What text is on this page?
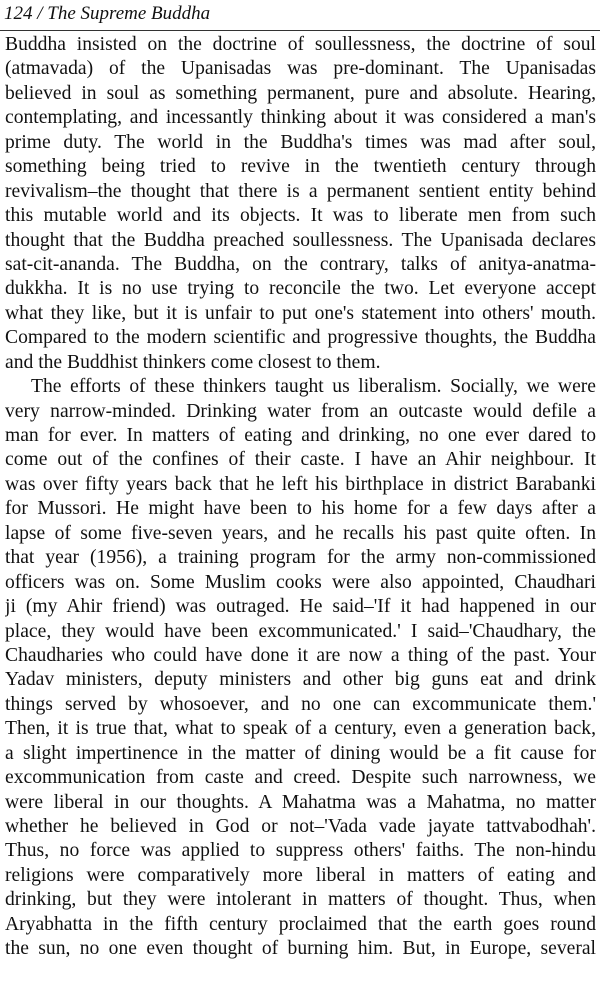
124 / The Supreme Buddha
Buddha insisted on the doctrine of soullessness, the doctrine of soul
(atmavada) of the Upanisadas was pre-dominant. The Upanisadas
believed in soul as something permanent, pure and absolute. Hearing,
contemplating, and incessantly thinking about it was considered a man's
prime duty. The world in the Buddha's times was mad after soul,
something being tried to revive in the twentieth century through
revivalism–the thought that there is a permanent sentient entity behind
this mutable world and its objects. It was to liberate men from such
thought that the Buddha preached soullessness. The Upanisada declares
sat-cit-ananda. The Buddha, on the contrary, talks of anitya-anatma-
dukkha. It is no use trying to reconcile the two. Let everyone accept
what they like, but it is unfair to put one's statement into others' mouth.
Compared to the modern scientific and progressive thoughts, the Buddha
and the Buddhist thinkers come closest to them.
The efforts of these thinkers taught us liberalism. Socially, we were
very narrow-minded. Drinking water from an outcaste would defile a
man for ever. In matters of eating and drinking, no one ever dared to
come out of the confines of their caste. I have an Ahir neighbour. It
was over fifty years back that he left his birthplace in district Barabanki
for Mussori. He might have been to his home for a few days after a
lapse of some five-seven years, and he recalls his past quite often. In
that year (1956), a training program for the army non-commissioned
officers was on. Some Muslim cooks were also appointed, Chaudhari
ji (my Ahir friend) was outraged. He said–'If it had happened in our
place, they would have been excommunicated.' I said–'Chaudhary, the
Chaudharies who could have done it are now a thing of the past. Your
Yadav ministers, deputy ministers and other big guns eat and drink
things served by whosoever, and no one can excommunicate them.'
Then, it is true that, what to speak of a century, even a generation back,
a slight impertinence in the matter of dining would be a fit cause for
excommunication from caste and creed. Despite such narrowness, we
were liberal in our thoughts. A Mahatma was a Mahatma, no matter
whether he believed in God or not–'Vada vade jayate tattvabodhah'.
Thus, no force was applied to suppress others' faiths. The non-hindu
religions were comparatively more liberal in matters of eating and
drinking, but they were intolerant in matters of thought. Thus, when
Aryabhatta in the fifth century proclaimed that the earth goes round
the sun, no one even thought of burning him. But, in Europe, several
